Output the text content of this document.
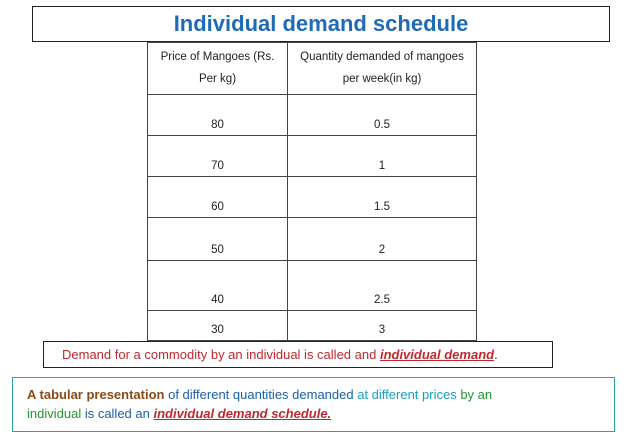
Individual demand schedule
Price of Mangoes (Rs.
Per kg)	Quantity demanded of mangoes
per week(in kg)
80	0.5
70	1
60	1.5
50	2
40	2.5
30	3
Demand for a commodity by an individual is called and individual demand.
A tabular presentation of different quantities demanded at different prices by an
individual is called an individual demand schedule.
